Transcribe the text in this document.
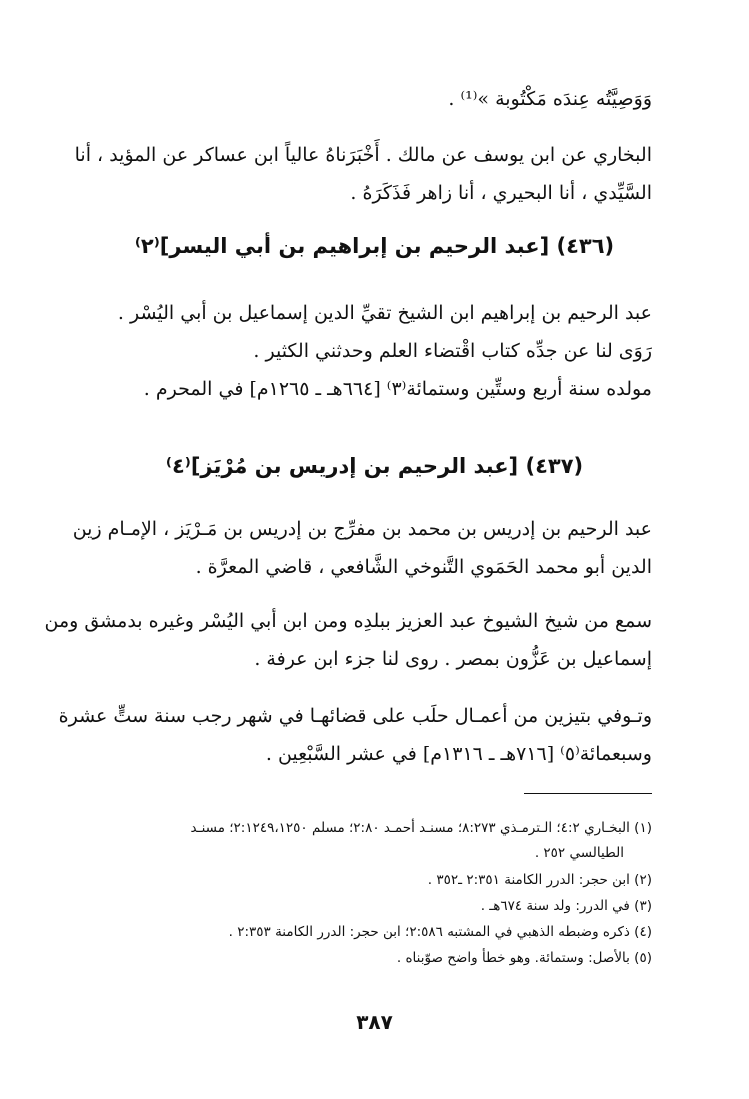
وَوَصِيَّتُه عِندَه مَكْتُوبة »⁽¹⁾ .
البخاري عن ابن يوسف عن مالك . أَخْبَرَناهُ عالياً ابن عساكر عن المؤيد ، أنا
السَّيِّدي ، أنا البحيري ، أنا زاهر فَذَكَرَهُ .
(٤٣٦) [عبد الرحيم بن إبراهيم بن أبي اليسر]⁽٢⁾
عبد الرحيم بن إبراهيم ابن الشيخ تقيِّ الدين إسماعيل بن أبي اليُسْر .
رَوَى لنا عن جدِّه كتاب اقْتضاء العلم وحدثني الكثير .
مولده سنة أربع وستِّين وستمائة⁽٣⁾ [٦٦٤هـ ـ ١٢٦٥م] في المحرم .
(٤٣٧) [عبد الرحيم بن إدريس بن مُرْيَز]⁽٤⁾
عبد الرحيم بن إدريس بن محمد بن مفرِّج بن إدريس بن مَـرْيَز ، الإمـام زين
الدين أبو محمد الحَمَوي التَّنوخي الشَّافعي ، قاضي المعرَّة .
سمع من شيخ الشيوخ عبد العزيز ببلدِه ومن ابن أبي اليُسْر وغيره بدمشق ومن
إسماعيل بن عَزُّون بمصر . روى لنا جزء ابن عرفة .
وتـوفي بتيزين من أعمـال حلَب على قضائهـا في شهر رجب سنة ستٍّ عشرة
وسبعمائة⁽٥⁾ [٧١٦هـ ـ ١٣١٦م] في عشر السَّبْعِين .
(١) البخـاري ٤:٢؛ الـترمـذي ٨:٢٧٣؛ مسنـد أحمـد ٢:٨٠؛ مسلم ٢:١٢٤٩،١٢٥٠؛ مسنـد
الطيالسي ٢٥٢ .
(٢) ابن حجر: الدرر الكامنة ٢:٣٥١ ـ٣٥٢ .
(٣) في الدرر: ولد سنة ٦٧٤هـ .
(٤) ذكره وضبطه الذهبي في المشتبه ٢:٥٨٦؛ ابن حجر: الدرر الكامنة ٢:٣٥٣ .
(٥) بالأصل: وستمائة. وهو خطأ واضح صوّبناه .
٣٨٧
